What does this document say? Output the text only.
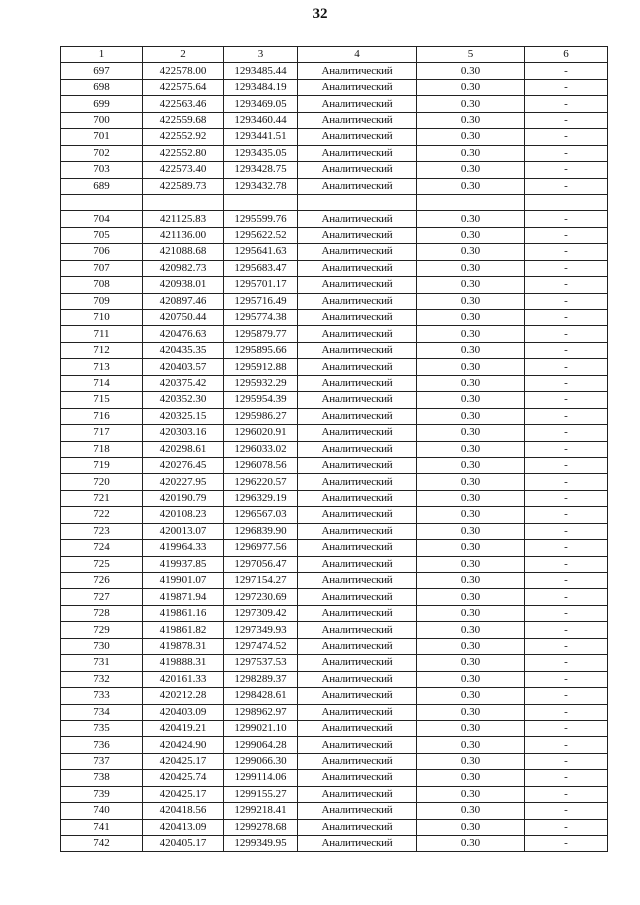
32
1	2	3	4	5	6
697	422578.00	1293485.44	Аналитический	0.30	-
698	422575.64	1293484.19	Аналитический	0.30	-
699	422563.46	1293469.05	Аналитический	0.30	-
700	422559.68	1293460.44	Аналитический	0.30	-
701	422552.92	1293441.51	Аналитический	0.30	-
702	422552.80	1293435.05	Аналитический	0.30	-
703	422573.40	1293428.75	Аналитический	0.30	-
689	422589.73	1293432.78	Аналитический	0.30	-

704	421125.83	1295599.76	Аналитический	0.30	-
705	421136.00	1295622.52	Аналитический	0.30	-
706	421088.68	1295641.63	Аналитический	0.30	-
707	420982.73	1295683.47	Аналитический	0.30	-
708	420938.01	1295701.17	Аналитический	0.30	-
709	420897.46	1295716.49	Аналитический	0.30	-
710	420750.44	1295774.38	Аналитический	0.30	-
711	420476.63	1295879.77	Аналитический	0.30	-
712	420435.35	1295895.66	Аналитический	0.30	-
713	420403.57	1295912.88	Аналитический	0.30	-
714	420375.42	1295932.29	Аналитический	0.30	-
715	420352.30	1295954.39	Аналитический	0.30	-
716	420325.15	1295986.27	Аналитический	0.30	-
717	420303.16	1296020.91	Аналитический	0.30	-
718	420298.61	1296033.02	Аналитический	0.30	-
719	420276.45	1296078.56	Аналитический	0.30	-
720	420227.95	1296220.57	Аналитический	0.30	-
721	420190.79	1296329.19	Аналитический	0.30	-
722	420108.23	1296567.03	Аналитический	0.30	-
723	420013.07	1296839.90	Аналитический	0.30	-
724	419964.33	1296977.56	Аналитический	0.30	-
725	419937.85	1297056.47	Аналитический	0.30	-
726	419901.07	1297154.27	Аналитический	0.30	-
727	419871.94	1297230.69	Аналитический	0.30	-
728	419861.16	1297309.42	Аналитический	0.30	-
729	419861.82	1297349.93	Аналитический	0.30	-
730	419878.31	1297474.52	Аналитический	0.30	-
731	419888.31	1297537.53	Аналитический	0.30	-
732	420161.33	1298289.37	Аналитический	0.30	-
733	420212.28	1298428.61	Аналитический	0.30	-
734	420403.09	1298962.97	Аналитический	0.30	-
735	420419.21	1299021.10	Аналитический	0.30	-
736	420424.90	1299064.28	Аналитический	0.30	-
737	420425.17	1299066.30	Аналитический	0.30	-
738	420425.74	1299114.06	Аналитический	0.30	-
739	420425.17	1299155.27	Аналитический	0.30	-
740	420418.56	1299218.41	Аналитический	0.30	-
741	420413.09	1299278.68	Аналитический	0.30	-
742	420405.17	1299349.95	Аналитический	0.30	-
